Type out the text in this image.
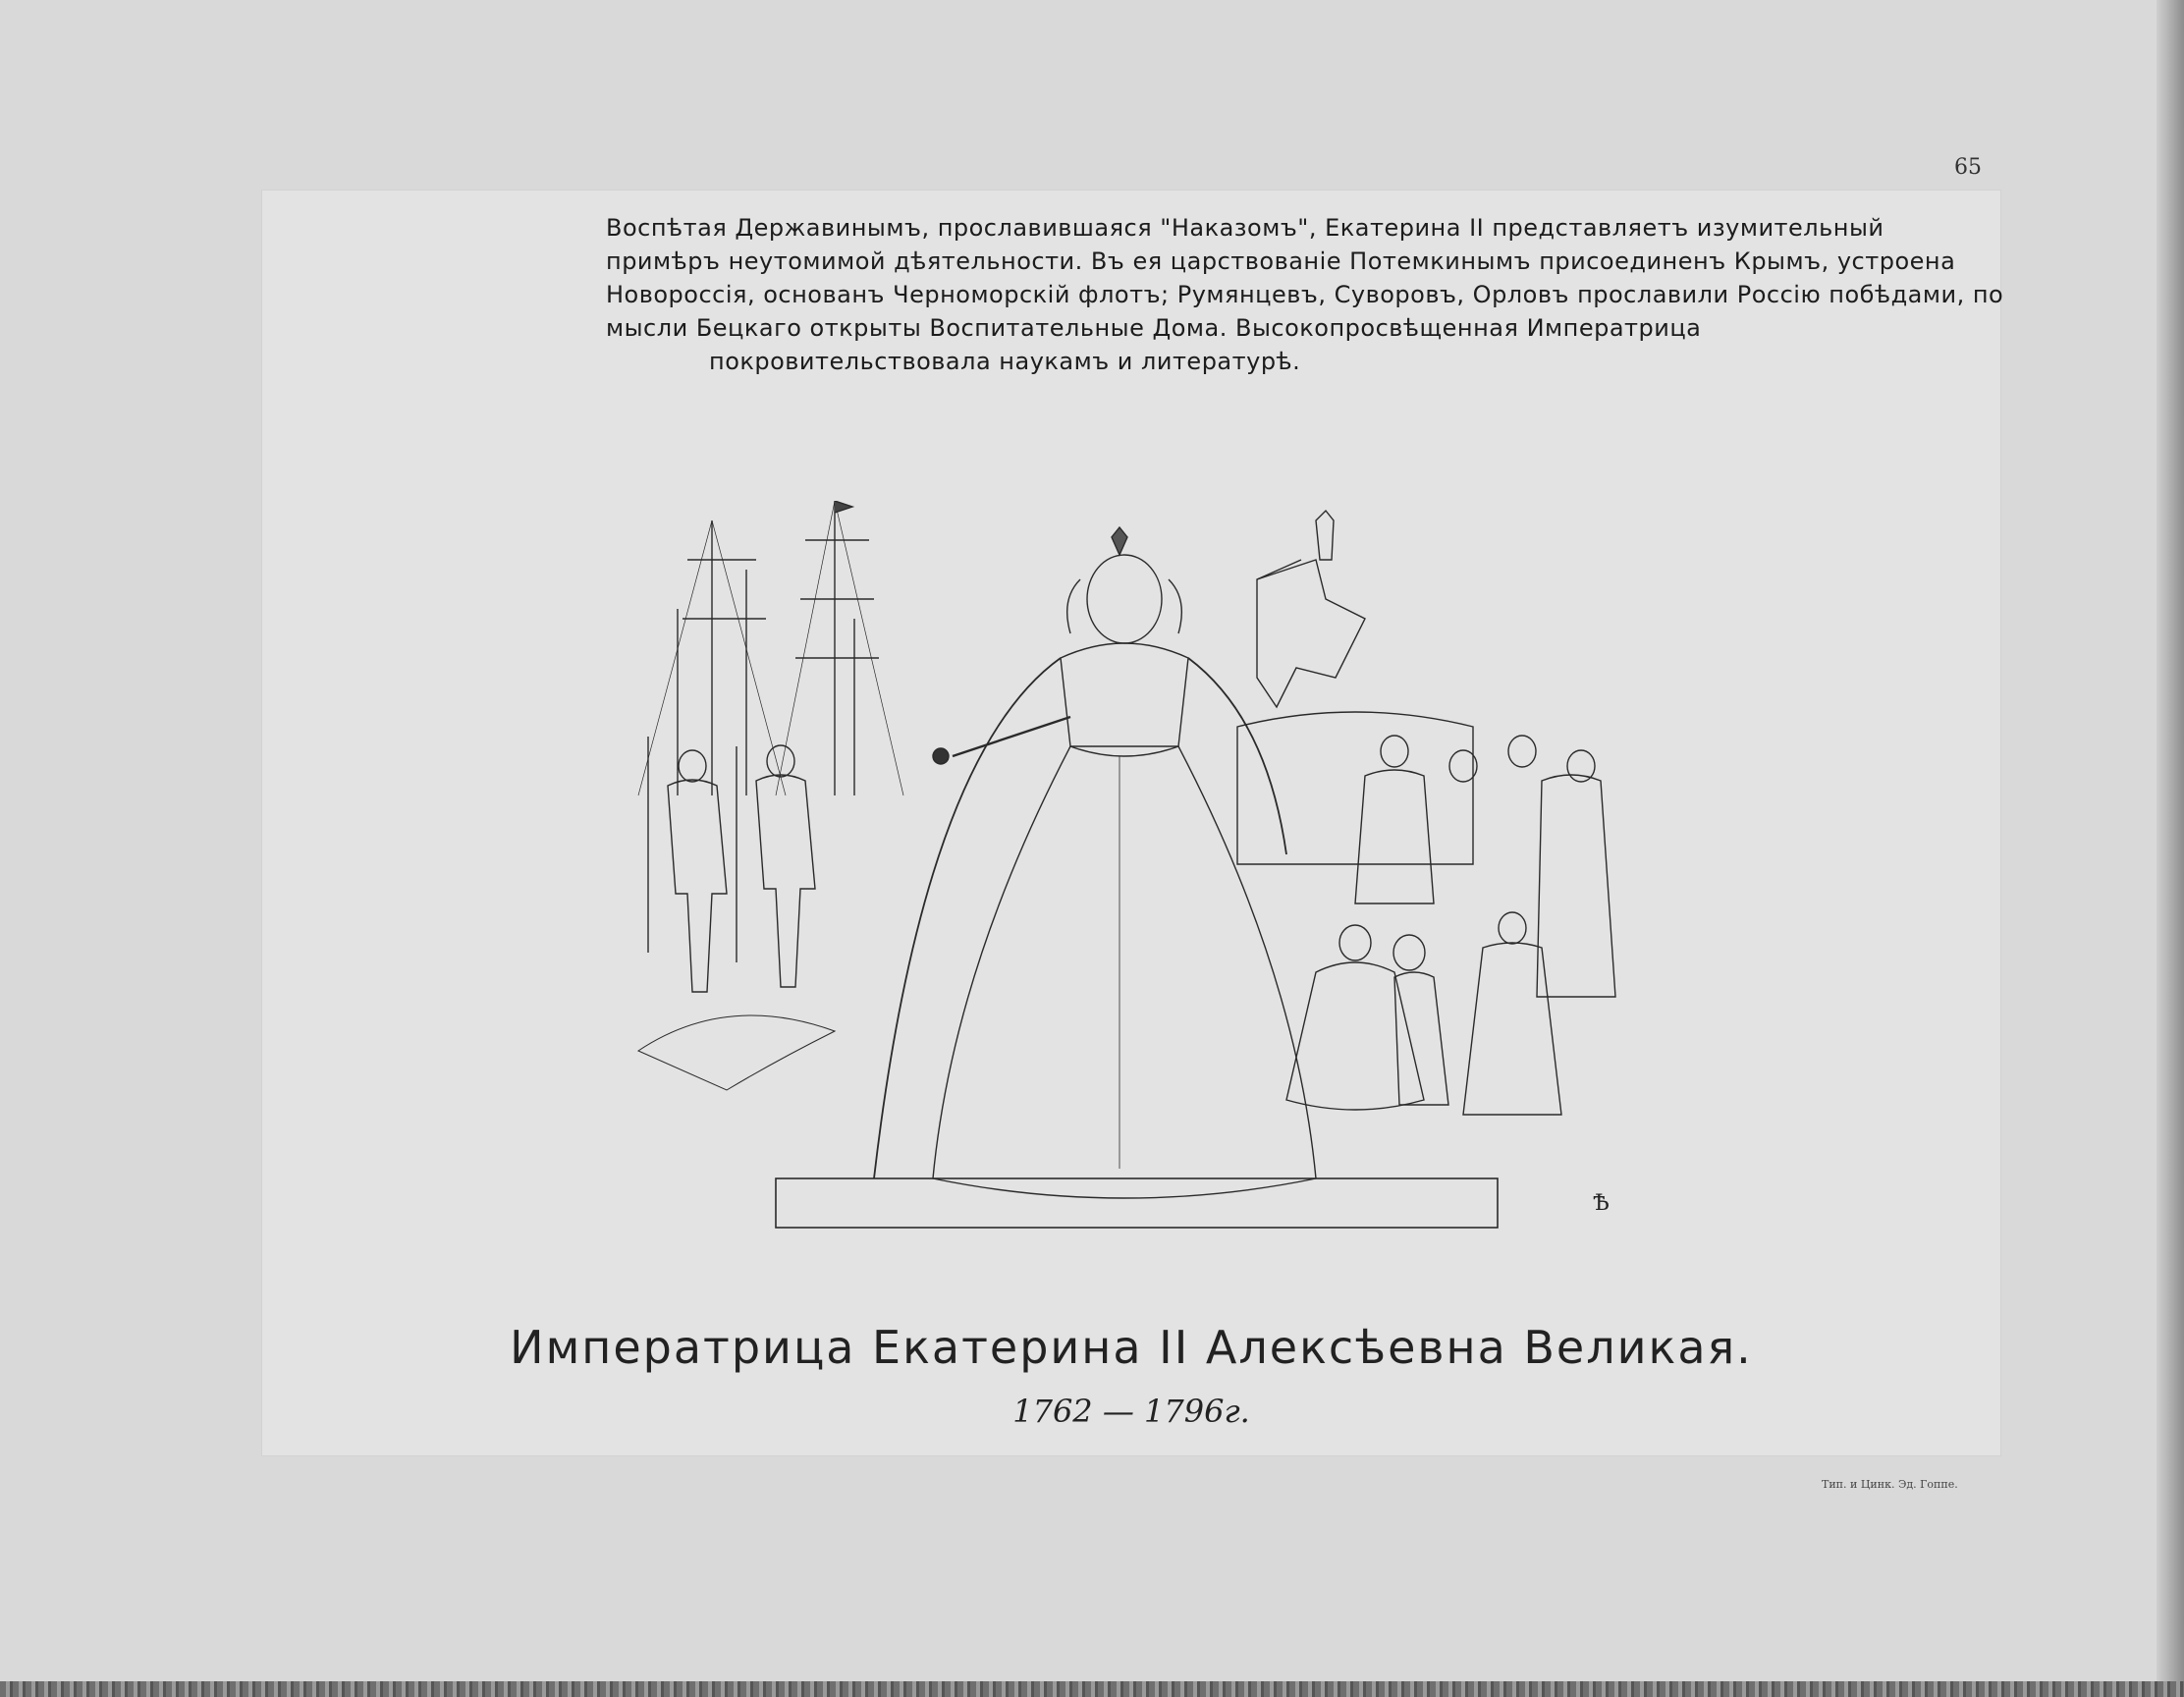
65
Воспѣтая Державинымъ, прославившаяся "Наказомъ", Екатерина II представляетъ изумительный
примѣръ неутомимой дѣятельности. Въ ея царствованіе Потемкинымъ присоединенъ Крымъ, устроена
Новороссія, основанъ Черноморскій флотъ; Румянцевъ, Суворовъ, Орловъ прославили Россію побѣдами, по
мысли Бецкаго открыты Воспитательные Дома. Высокопросвѣщенная Императрица
покровительствовала наукамъ и литературѣ.
Ѣ
Императрица Екатерина II Алексѣевна Великая.
1762 — 1796г.
Тип. и Цинк. Эд. Гоппе.
